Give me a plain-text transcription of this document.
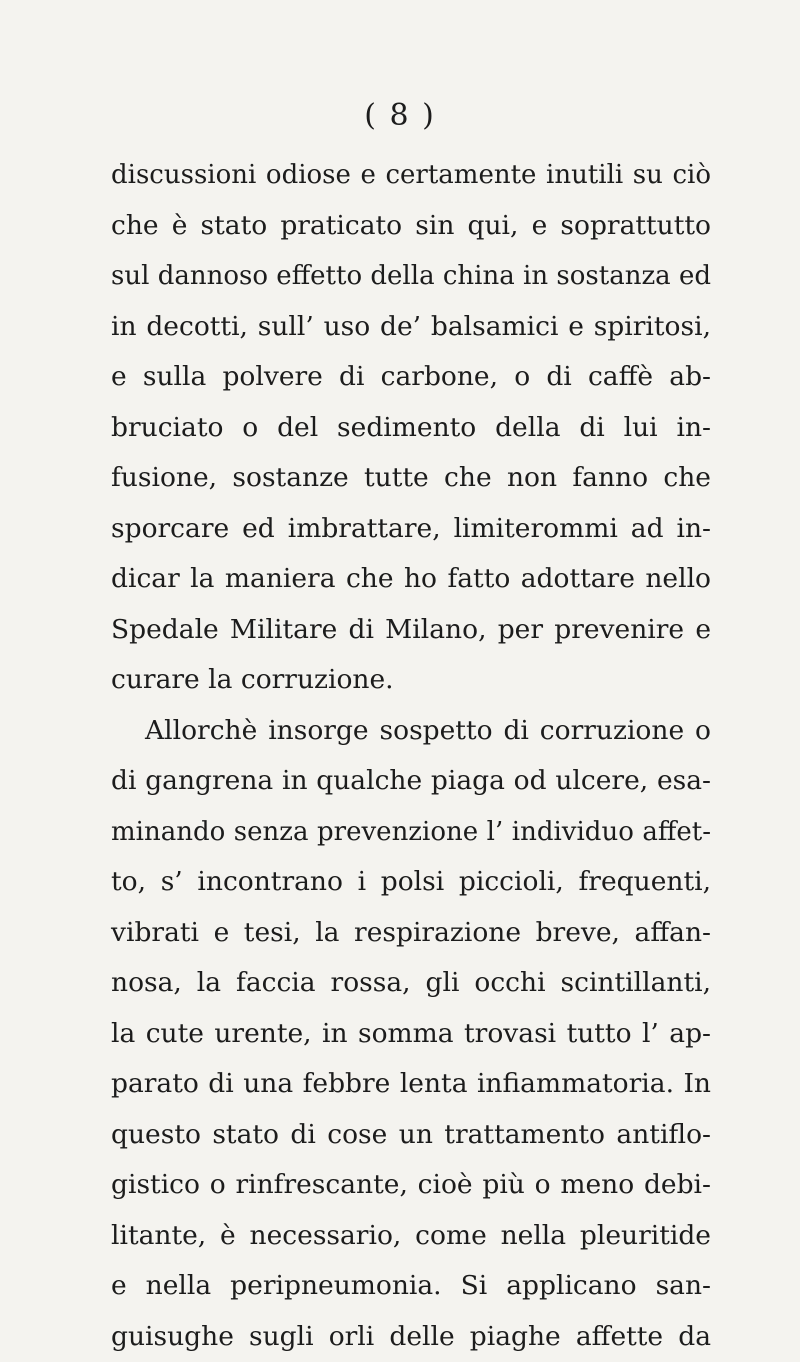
( 8 )
discussioni odiose e certamente inutili su ciò
che è stato praticato sin qui, e soprattutto
sul dannoso effetto della china in sostanza ed
in decotti, sull’ uso de’ balsamici e spiritosi,
e sulla polvere di carbone, o di caffè ab-
bruciato o del sedimento della di lui in-
fusione, sostanze tutte che non fanno che
sporcare ed imbrattare, limiterommi ad in-
dicar la maniera che ho fatto adottare nello
Spedale Militare di Milano, per prevenire e
curare la corruzione.
Allorchè insorge sospetto di corruzione o
di gangrena in qualche piaga od ulcere, esa-
minando senza prevenzione l’ individuo affet-
to, s’ incontrano i polsi piccioli, frequenti,
vibrati e tesi, la respirazione breve, affan-
nosa, la faccia rossa, gli occhi scintillanti,
la cute urente, in somma trovasi tutto l’ ap-
parato di una febbre lenta infiammatoria. In
questo stato di cose un trattamento antiflo-
gistico o rinfrescante, cioè più o meno debi-
litante, è necessario, come nella pleuritide
e nella peripneumonia. Si applicano san-
guisughe sugli orli delle piaghe affette da
